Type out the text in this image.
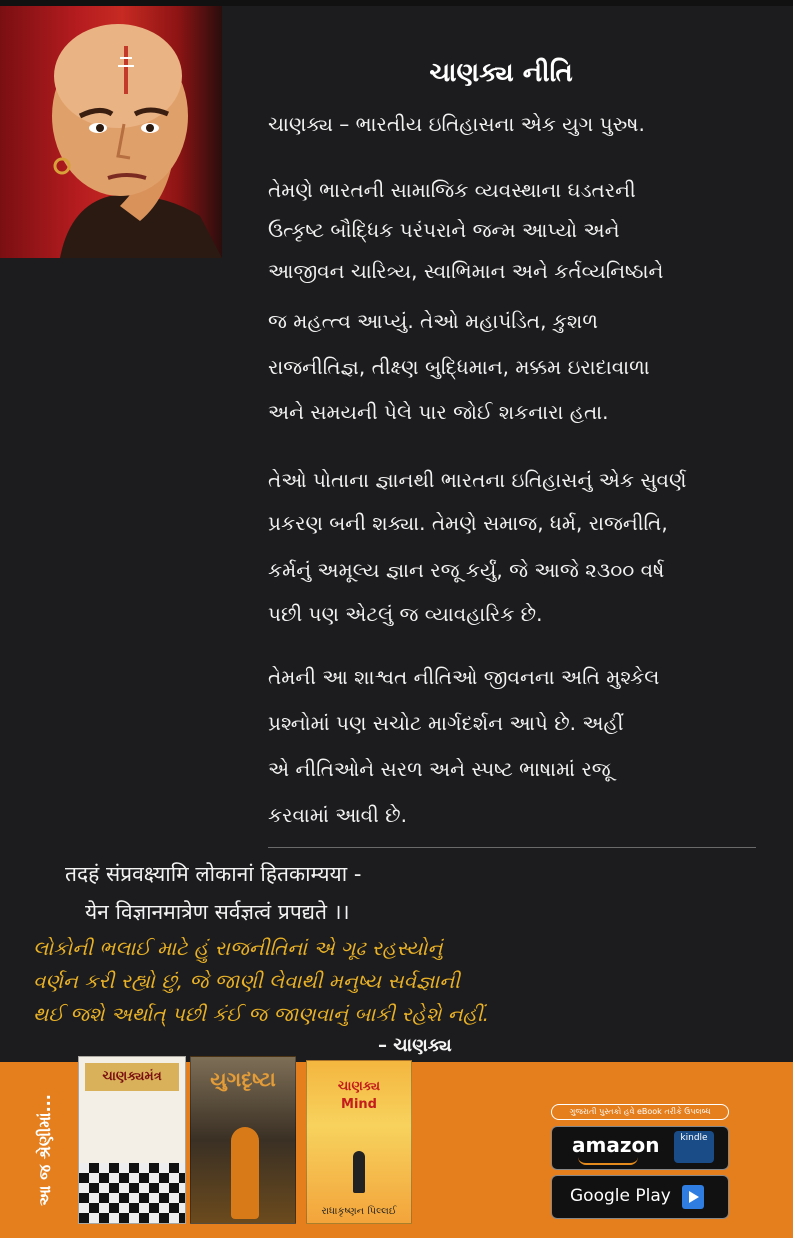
ચાણક્ય નીતિ
ચાણક્ય – ભારતીય ઇતિહાસના એક યુગ પુરુષ.
તેમણે ભારતની સામાજિક વ્યવસ્થાના ઘડતરની
ઉત્કૃષ્ટ બૌદ્ધિક પરંપરાને જન્મ આપ્યો અને
આજીવન ચારિત્ર્ય, સ્વાભિમાન અને કર્તવ્યનિષ્ઠાને
જ મહત્ત્વ આપ્યું. તેઓ મહાપંડિત, કુશળ
રાજનીતિજ્ઞ, તીક્ષ્ણ બુદ્ધિમાન, મક્કમ ઇરાદાવાળા
અને સમયની પેલે પાર જોઈ શકનારા હતા.
તેઓ પોતાના જ્ઞાનથી ભારતના ઇતિહાસનું એક સુવર્ણ
પ્રકરણ બની શક્યા. તેમણે સમાજ, ધર્મ, રાજનીતિ,
કર્મનું અમૂલ્ય જ્ઞાન રજૂ કર્યું, જે આજે ૨૩૦૦ વર્ષ
પછી પણ એટલું જ વ્યાવહારિક છે.
તેમની આ શાશ્વત નીતિઓ જીવનના અતિ મુશ્કેલ
પ્રશ્નોમાં પણ સચોટ માર્ગદર્શન આપે છે. અહીં
એ નીતિઓને સરળ અને સ્પષ્ટ ભાષામાં રજૂ
કરવામાં આવી છે.
तदहं संप्रवक्ष्यामि लोकानां हितकाम्यया -
येन विज्ञानमात्रेण सर्वज्ञत्वं प्रपद्यते ।।
લોકોની ભલાઈ માટે હું રાજનીતિનાં એ ગૂઢ રહસ્યોનું
વર્ણન કરી રહ્યો છું, જે જાણી લેવાથી મનુષ્ય સર્વજ્ઞાની
થઈ જશે અર્થાત્ પછી કંઈ જ જાણવાનું બાકી રહેશે નહીં.
– ચાણક્ય
આ જ શ્રેણીમાં...
ચાણક્યમંત્ર	યુગદૃષ્ટા	ચાણક્ય
Mind
રાધાકૃષ્ણન પિલ્લઈ
ગુજરાતી પુસ્તકો હવે eBook તરીકે ઉપલબ્ધ
amazon	kindle
Google Play
